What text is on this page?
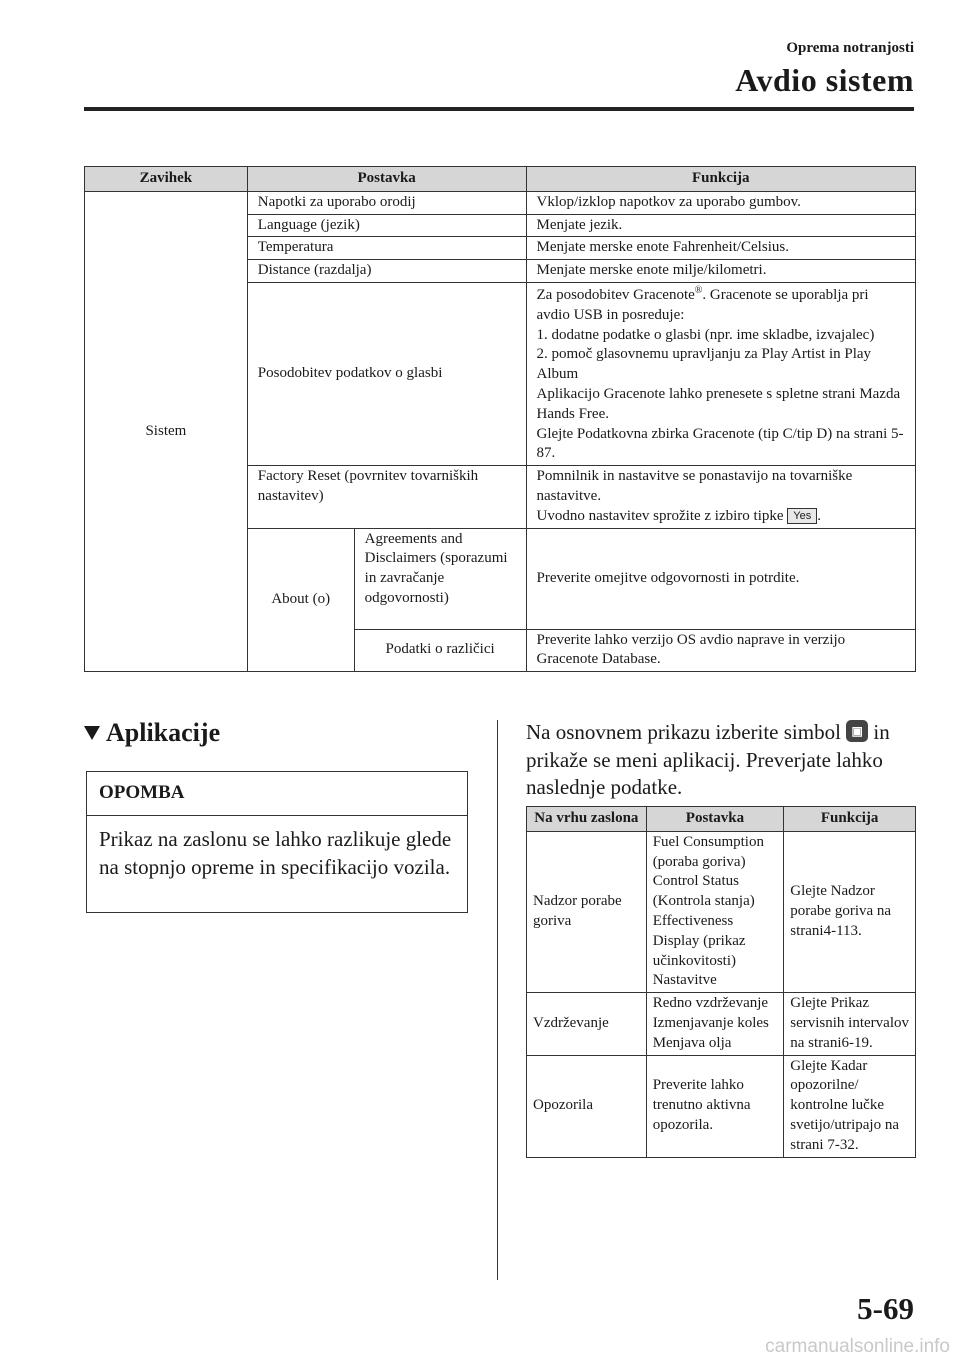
Oprema notranjosti
Avdio sistem
Zavihek	Postavka		Funkcija
Sistem	Napotki za uporabo orodij		Vklop/izklop napotkov za uporabo gumbov.
	Language (jezik)		Menjate jezik.
	Temperatura		Menjate merske enote Fahrenheit/Celsius.
	Distance (razdalja)		Menjate merske enote milje/kilometri.
	Posodobitev podatkov o glasbi		Za posodobitev Gracenote®. Gracenote se uporablja pri avdio USB in posreduje:
1. dodatne podatke o glasbi (npr. ime skladbe, izvajalec)
2. pomoč glasovnemu upravljanju za Play Artist in Play Album
Aplikacijo Gracenote lahko prenesete s spletne strani Mazda Hands Free.
Glejte Podatkovna zbirka Gracenote (tip C/tip D) na strani 5-87.
	Factory Reset (povrnitev tovarniških nastavitev)		Pomnilnik in nastavitve se ponastavijo na tovarniške nastavitve.
Uvodno nastavitev sprožite z izbiro tipke Yes .
	About (o)	Agreements and Disclaimers (sporazumi in zavračanje odgovornosti)	Preverite omejitve odgovornosti in potrdite.
		Podatki o različici	Preverite lahko verzijo OS avdio naprave in verzijo Gracenote Database.
Aplikacije
OPOMBA
Prikaz na zaslonu se lahko razlikuje glede na stopnjo opreme in specifikacijo vozila.
Na osnovnem prikazu izberite simbol ▣ in prikaže se meni aplikacij. Preverjate lahko naslednje podatke.
Na vrhu zaslona	Postavka	Funkcija
Nadzor porabe goriva	Fuel Consumption (poraba goriva) Control Status (Kontrola stanja) Effectiveness Display (prikaz učinkovitosti) Nastavitve	Glejte Nadzor porabe goriva na strani4-113.
Vzdrževanje	Redno vzdrževanje Izmenjavanje koles Menjava olja	Glejte Prikaz servisnih intervalov na strani6-19.
Opozorila	Preverite lahko trenutno aktivna opozorila.	Glejte Kadar opozorilne/ kontrolne lučke svetijo/utripajo na strani 7-32.
5-69
carmanualsonline.info
